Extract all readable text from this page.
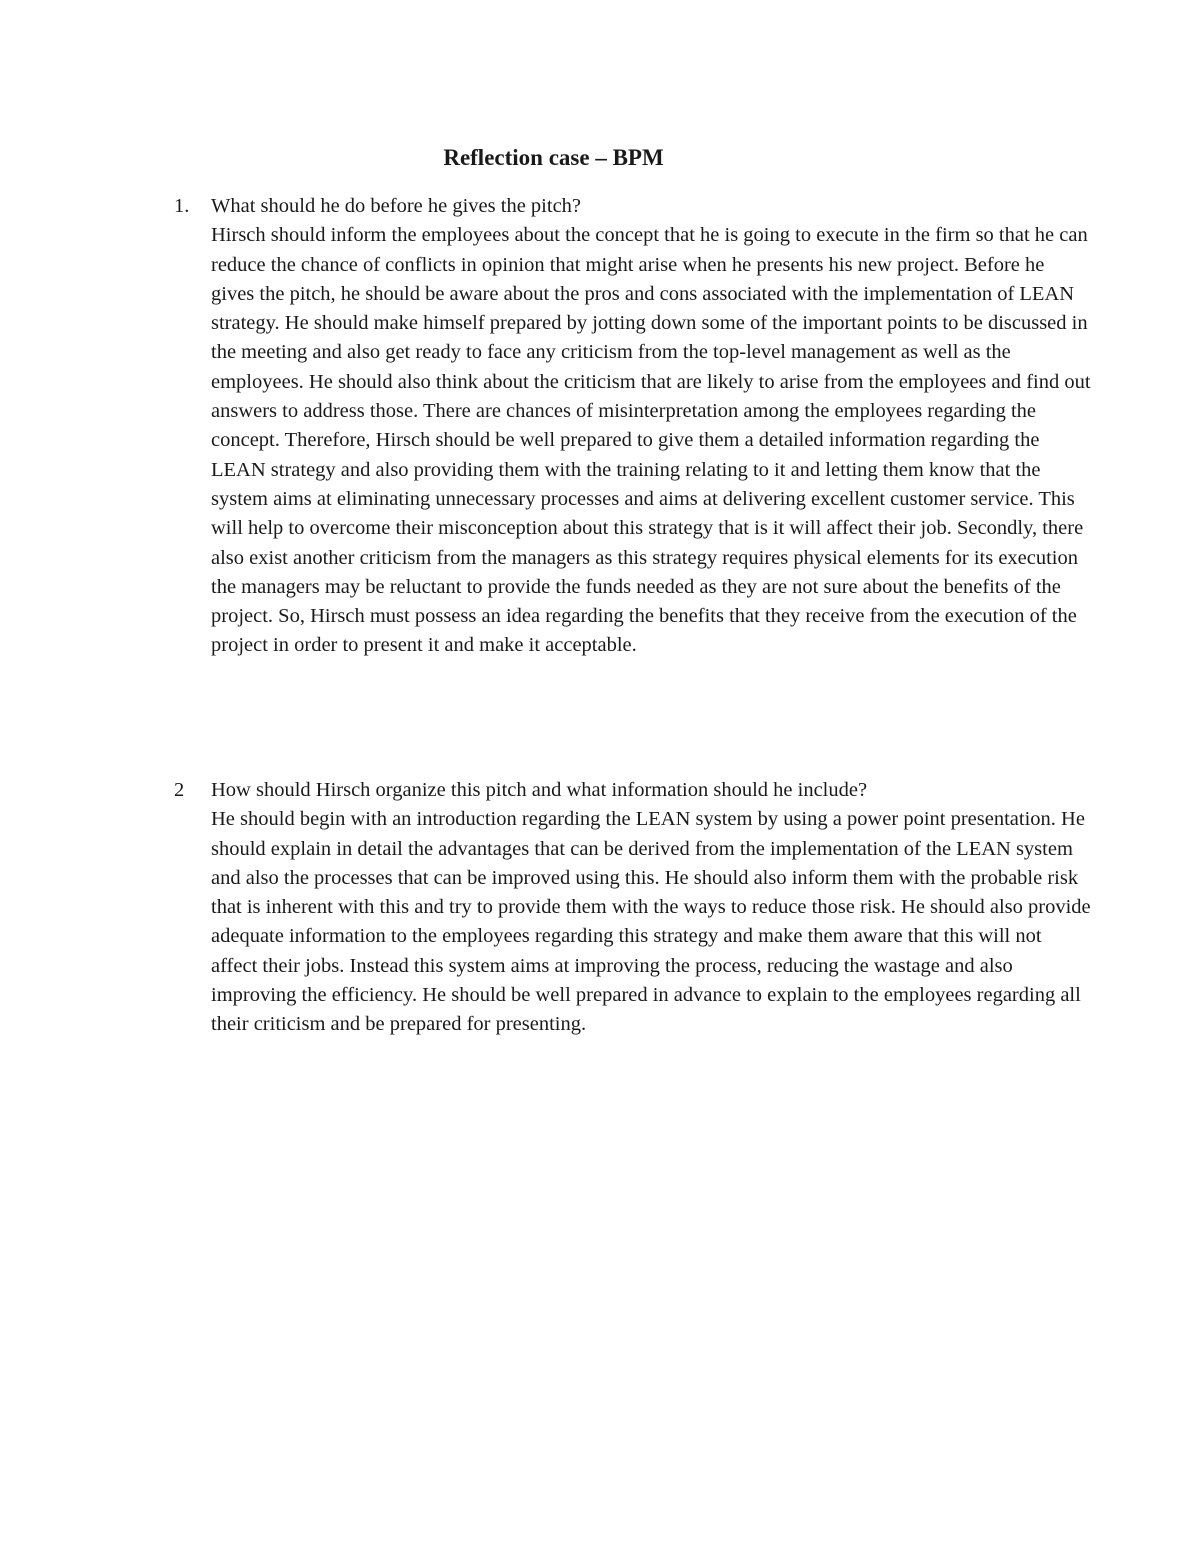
Reflection case – BPM
1. What should he do before he gives the pitch?
Hirsch should inform the employees about the concept that he is going to execute in the firm so that he can reduce the chance of conflicts in opinion that might arise when he presents his new project. Before he gives the pitch, he should be aware about the pros and cons associated with the implementation of LEAN strategy. He should make himself prepared by jotting down some of the important points to be discussed in the meeting and also get ready to face any criticism from the top-level management as well as the employees. He should also think about the criticism that are likely to arise from the employees and find out answers to address those. There are chances of misinterpretation among the employees regarding the concept. Therefore, Hirsch should be well prepared to give them a detailed information regarding the LEAN strategy and also providing them with the training relating to it and letting them know that the system aims at eliminating unnecessary processes and aims at delivering excellent customer service. This will help to overcome their misconception about this strategy that is it will affect their job. Secondly, there also exist another criticism from the managers as this strategy requires physical elements for its execution the managers may be reluctant to provide the funds needed as they are not sure about the benefits of the project. So, Hirsch must possess an idea regarding the benefits that they receive from the execution of the project in order to present it and make it acceptable.
2 How should Hirsch organize this pitch and what information should he include?
He should begin with an introduction regarding the LEAN system by using a power point presentation. He should explain in detail the advantages that can be derived from the implementation of the LEAN system and also the processes that can be improved using this. He should also inform them with the probable risk that is inherent with this and try to provide them with the ways to reduce those risk. He should also provide adequate information to the employees regarding this strategy and make them aware that this will not affect their jobs. Instead this system aims at improving the process, reducing the wastage and also improving the efficiency. He should be well prepared in advance to explain to the employees regarding all their criticism and be prepared for presenting.
